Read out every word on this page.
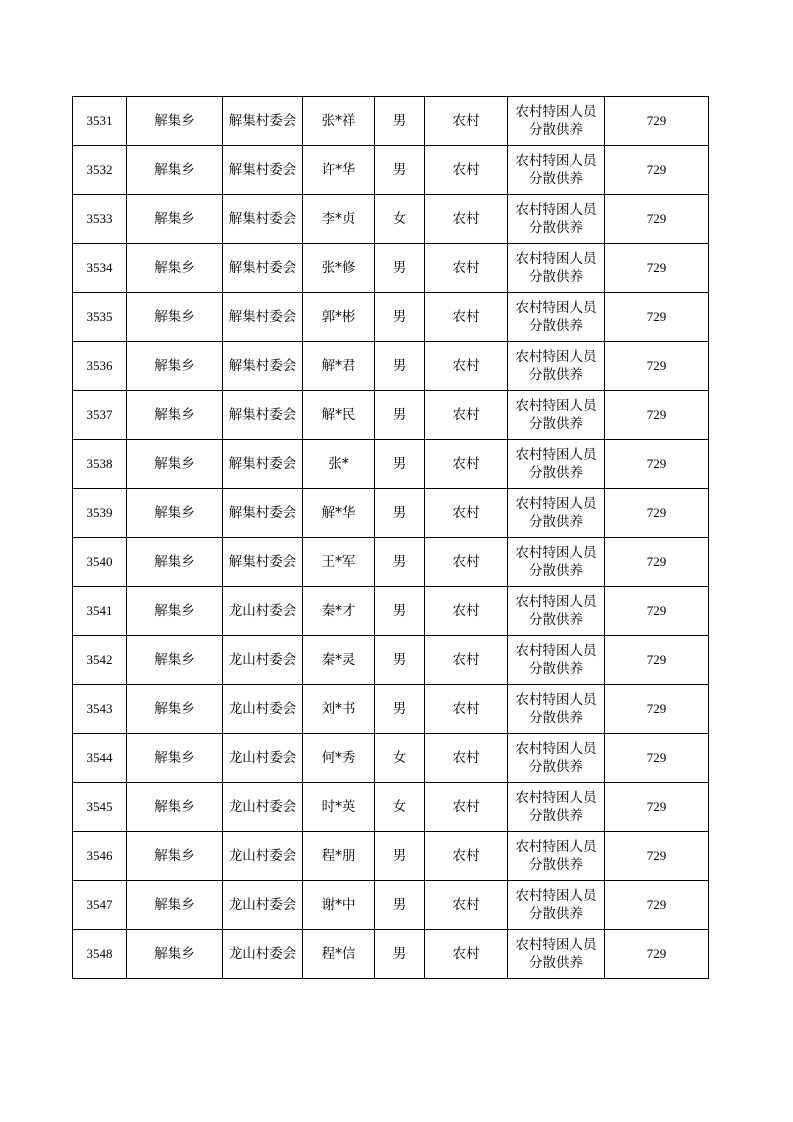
3531	解集乡	解集村委会	张*祥	男	农村	农村特困人员分散供养	729
3532	解集乡	解集村委会	许*华	男	农村	农村特困人员分散供养	729
3533	解集乡	解集村委会	李*贞	女	农村	农村特困人员分散供养	729
3534	解集乡	解集村委会	张*修	男	农村	农村特困人员分散供养	729
3535	解集乡	解集村委会	郭*彬	男	农村	农村特困人员分散供养	729
3536	解集乡	解集村委会	解*君	男	农村	农村特困人员分散供养	729
3537	解集乡	解集村委会	解*民	男	农村	农村特困人员分散供养	729
3538	解集乡	解集村委会	张*	男	农村	农村特困人员分散供养	729
3539	解集乡	解集村委会	解*华	男	农村	农村特困人员分散供养	729
3540	解集乡	解集村委会	王*军	男	农村	农村特困人员分散供养	729
3541	解集乡	龙山村委会	秦*才	男	农村	农村特困人员分散供养	729
3542	解集乡	龙山村委会	秦*灵	男	农村	农村特困人员分散供养	729
3543	解集乡	龙山村委会	刘*书	男	农村	农村特困人员分散供养	729
3544	解集乡	龙山村委会	何*秀	女	农村	农村特困人员分散供养	729
3545	解集乡	龙山村委会	时*英	女	农村	农村特困人员分散供养	729
3546	解集乡	龙山村委会	程*朋	男	农村	农村特困人员分散供养	729
3547	解集乡	龙山村委会	谢*中	男	农村	农村特困人员分散供养	729
3548	解集乡	龙山村委会	程*信	男	农村	农村特困人员分散供养	729
